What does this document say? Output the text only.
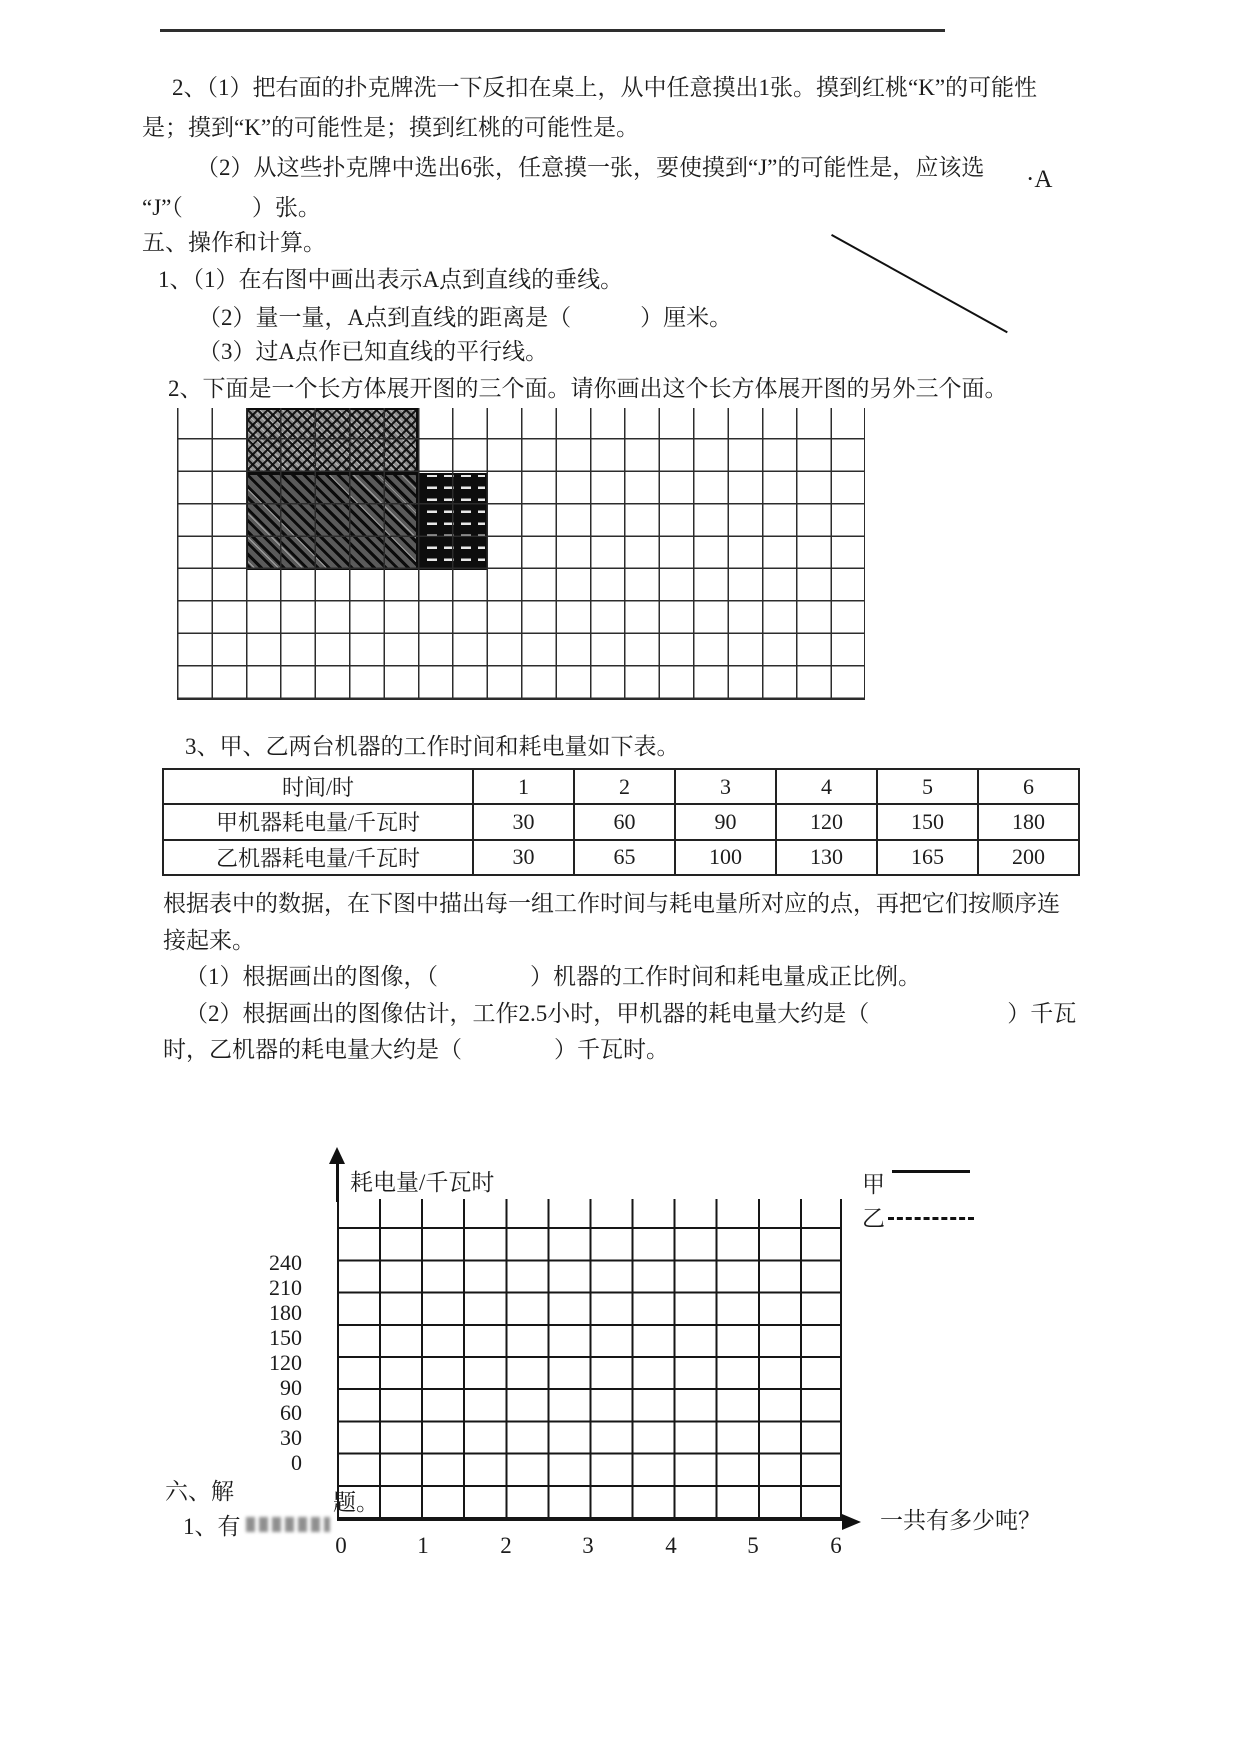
2、（1）把右面的扑克牌洗一下反扣在桌上，从中任意摸出1张。摸到红桃“K”的可能性
是；摸到“K”的可能性是；摸到红桃的可能性是。
（2）从这些扑克牌中选出6张，任意摸一张，要使摸到“J”的可能性是，应该选 ·A
“J”（　　　）张。
五、操作和计算。
1、（1）在右图中画出表示A点到直线的垂线。
（2）量一量，A点到直线的距离是（　　　）厘米。
（3）过A点作已知直线的平行线。
2、下面是一个长方体展开图的三个面。请你画出这个长方体展开图的另外三个面。
3、甲、乙两台机器的工作时间和耗电量如下表。
时间/时	1	2	3	4	5	6
甲机器耗电量/千瓦时	30	60	90	120	150	180
乙机器耗电量/千瓦时	30	65	100	130	165	200
根据表中的数据，在下图中描出每一组工作时间与耗电量所对应的点，再把它们按顺序连
接起来。
（1）根据画出的图像，（　　　　）机器的工作时间和耗电量成正比例。
（2）根据画出的图像估计，工作2.5小时，甲机器的耗电量大约是（　　　　　　）千瓦
时，乙机器的耗电量大约是（　　　　）千瓦时。
六、解	题。
1、有	一共有多少吨？
耗电量/千瓦时
240
210
180
150
120
90
60
30
0
0	1	2	3	4	5	6
甲
乙
